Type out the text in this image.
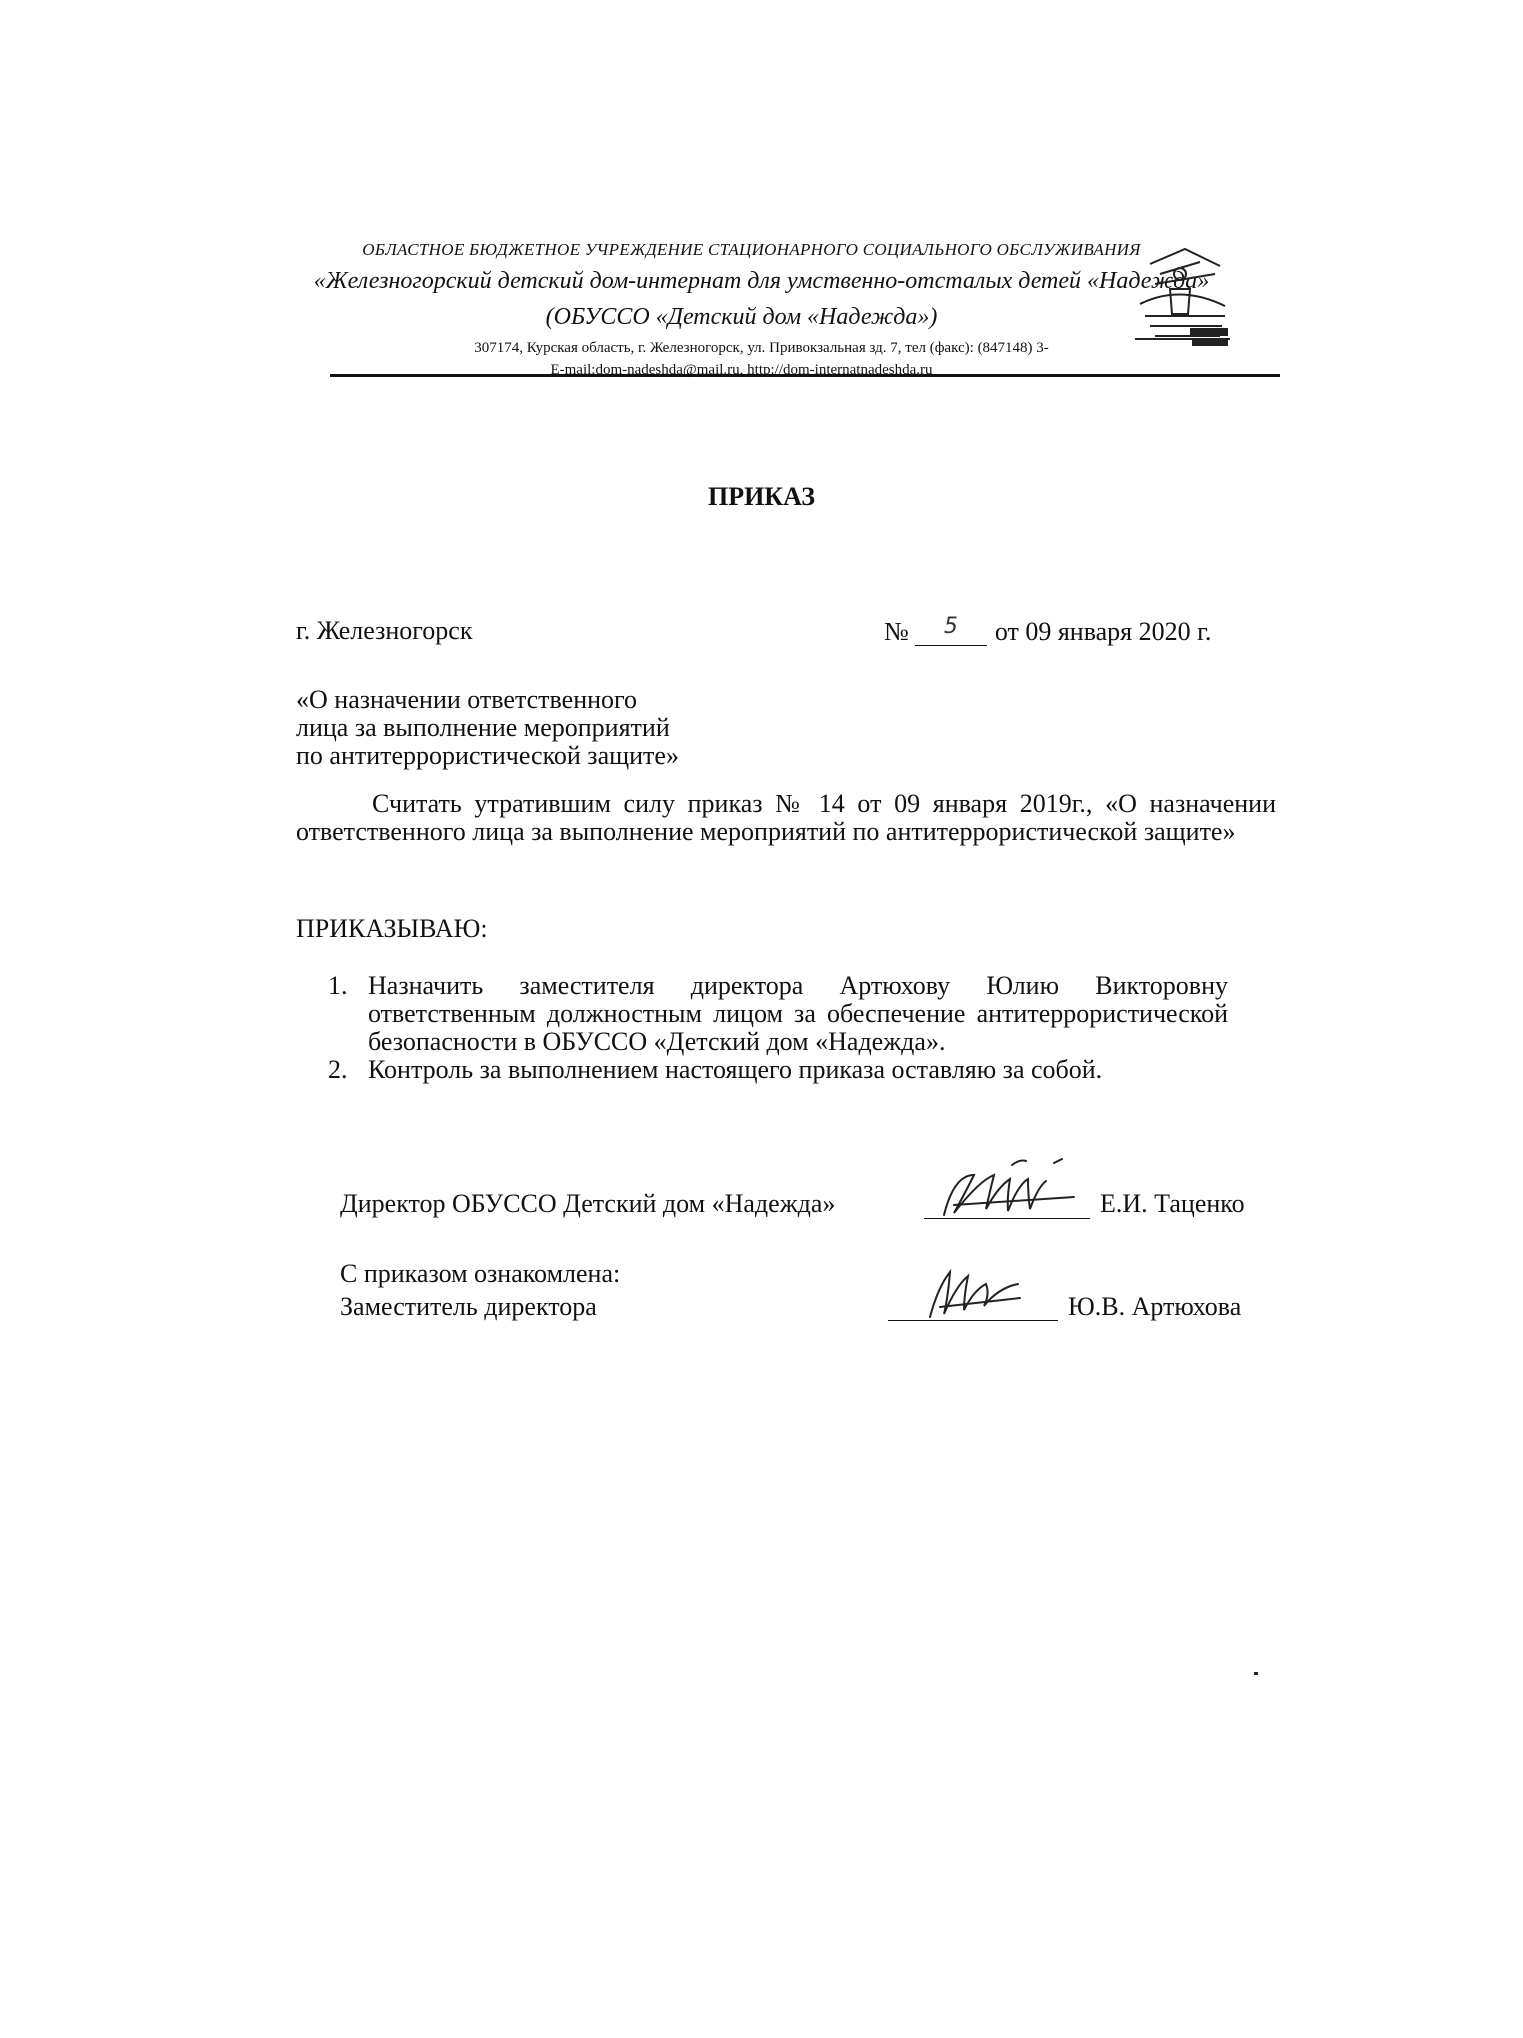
ОБЛАСТНОЕ БЮДЖЕТНОЕ УЧРЕЖДЕНИЕ СТАЦИОНАРНОГО СОЦИАЛЬНОГО ОБСЛУЖИВАНИЯ
«Железногорский детский дом-интернат для умственно-отсталых детей «Надежда»
(ОБУССО «Детский дом «Надежда»)
307174, Курская область, г. Железногорск, ул. Привокзальная зд. 7, тел (факс): (847148) 3-
E-mail:dom-nadeshda@mail.ru, http://dom-internatnadeshda.ru
ПРИКАЗ
г. Железногорск	№ $^5$ от 09 января 2020 г.
«О назначении ответственного
лица за выполнение мероприятий
по антитеррористической защите»
Считать утратившим силу приказ № 14 от 09 января 2019г., «О назначении ответственного лица за выполнение мероприятий по антитеррористической защите»
ПРИКАЗЫВАЮ:
1. Назначить заместителя директора Артюхову Юлию Викторовну ответственным должностным лицом за обеспечение антитеррористической безопасности в ОБУССО «Детский дом «Надежда».
2. Контроль за выполнением настоящего приказа оставляю за собой.
Директор ОБУССО Детский дом «Надежда»	Е.И. Таценко
С приказом ознакомлена:
Заместитель директора	Ю.В. Артюхова
